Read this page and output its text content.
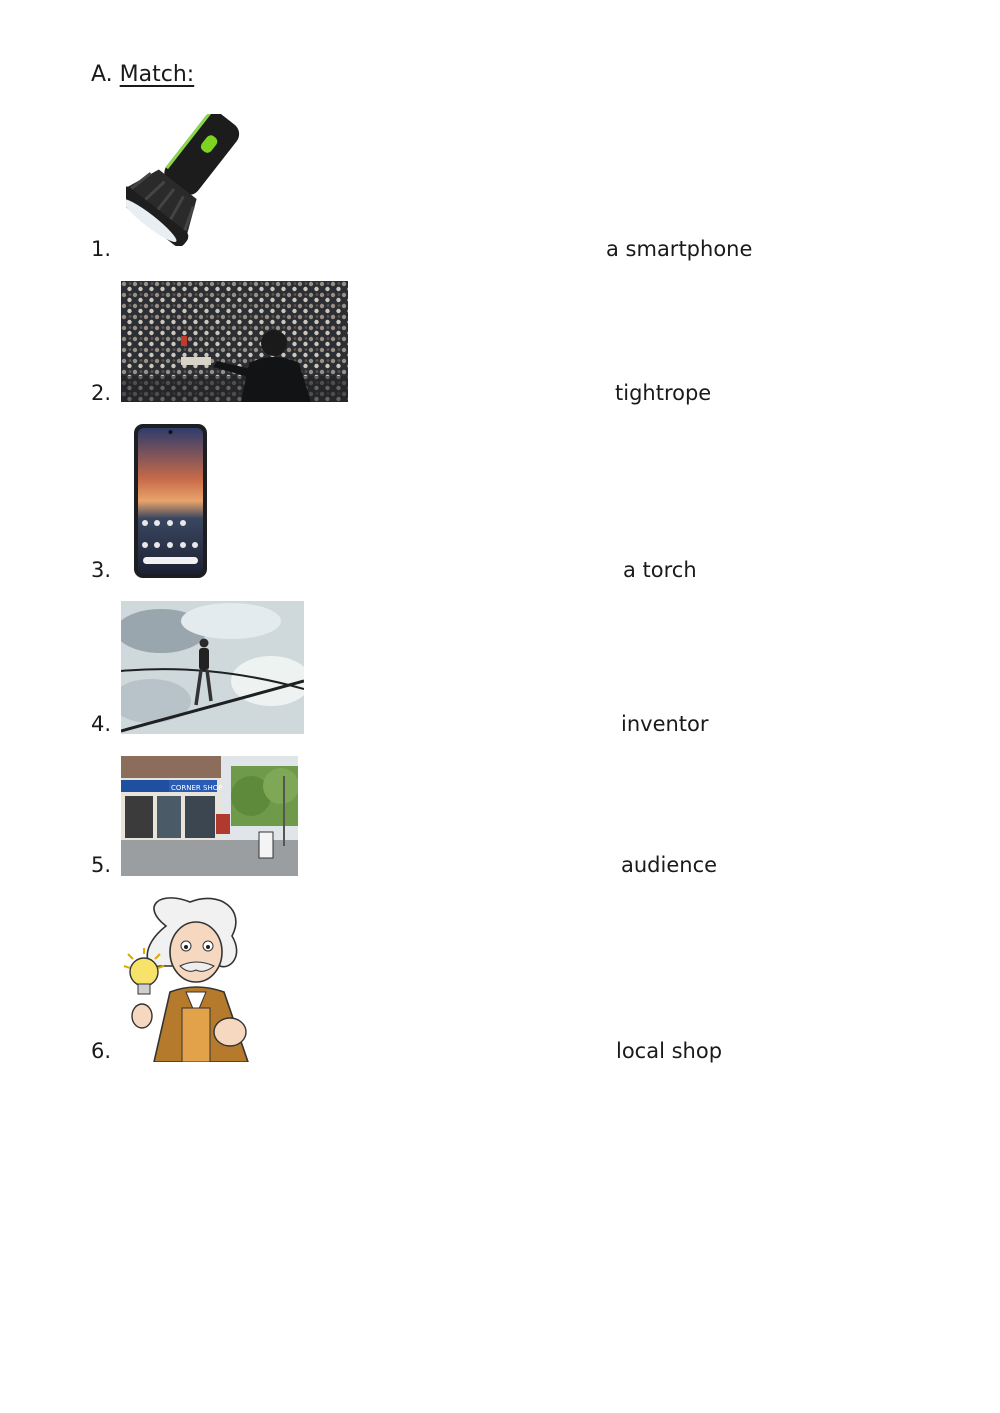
A. Match:
1.	a smartphone
2.	tightrope
3.	a torch
4.	inventor
CORNER SHOP
5.	audience
6.	local shop
